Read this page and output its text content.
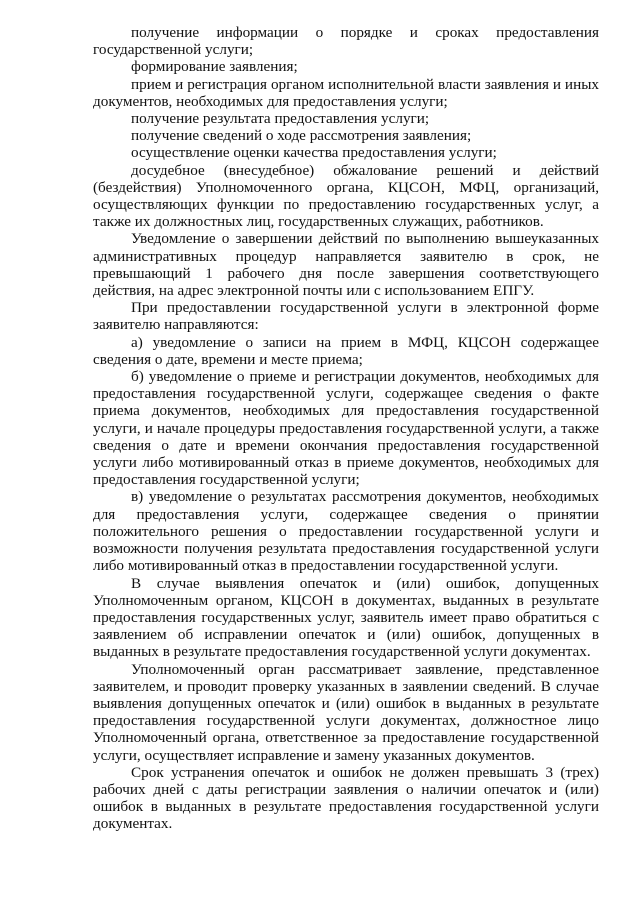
получение информации о порядке и сроках предоставления государственной услуги;

формирование заявления;

прием и регистрация органом исполнительной власти заявления и иных документов, необходимых для предоставления услуги;

получение результата предоставления услуги;

получение сведений о ходе рассмотрения заявления;

осуществление оценки качества предоставления услуги;

досудебное (внесудебное) обжалование решений и действий (бездействия) Уполномоченного органа, КЦСОН, МФЦ, организаций, осуществляющих функции по предоставлению государственных услуг, а также их должностных лиц, государственных служащих, работников.

Уведомление о завершении действий по выполнению вышеуказанных административных процедур направляется заявителю в срок, не превышающий 1 рабочего дня после завершения соответствующего действия, на адрес электронной почты или с использованием ЕПГУ.

При предоставлении государственной услуги в электронной форме заявителю направляются:

а) уведомление о записи на прием в МФЦ, КЦСОН содержащее сведения о дате, времени и месте приема;

б) уведомление о приеме и регистрации документов, необходимых для предоставления государственной услуги, содержащее сведения о факте приема документов, необходимых для предоставления государственной услуги, и начале процедуры предоставления государственной услуги, а также сведения о дате и времени окончания предоставления государственной услуги либо мотивированный отказ в приеме документов, необходимых для предоставления государственной услуги;

в) уведомление о результатах рассмотрения документов, необходимых для предоставления услуги, содержащее сведения о принятии положительного решения о предоставлении государственной услуги и возможности получения результата предоставления государственной услуги либо мотивированный отказ в предоставлении государственной услуги.

В случае выявления опечаток и (или) ошибок, допущенных Уполномоченным органом, КЦСОН в документах, выданных в результате предоставления государственных услуг, заявитель имеет право обратиться с заявлением об исправлении опечаток и (или) ошибок, допущенных в выданных в результате предоставления государственной услуги документах.

Уполномоченный орган рассматривает заявление, представленное заявителем, и проводит проверку указанных в заявлении сведений. В случае выявления допущенных опечаток и (или) ошибок в выданных в результате предоставления государственной услуги документах, должностное лицо Уполномоченный органа, ответственное за предоставление государственной услуги, осуществляет исправление и замену указанных документов.

Срок устранения опечаток и ошибок не должен превышать 3 (трех) рабочих дней с даты регистрации заявления о наличии опечаток и (или) ошибок в выданных в результате предоставления государственной услуги документах.
